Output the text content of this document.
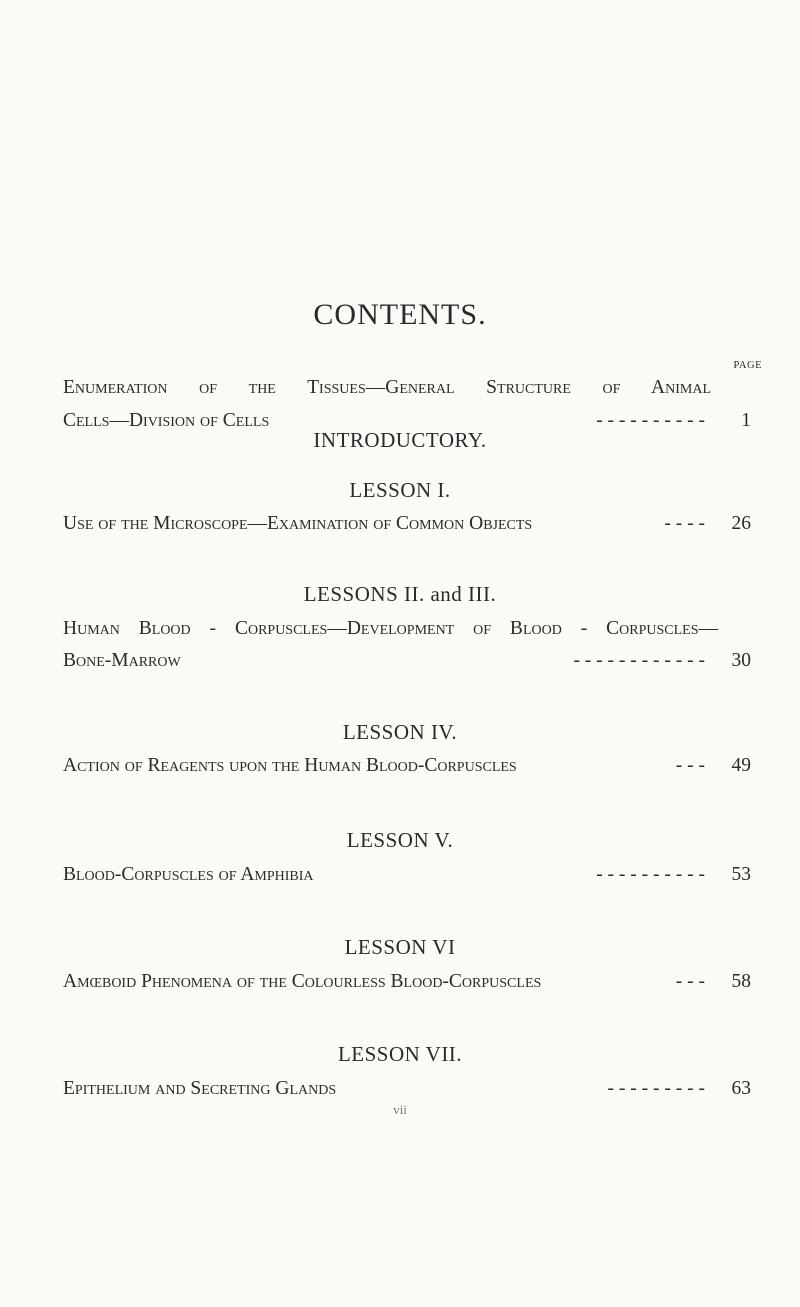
CONTENTS.
INTRODUCTORY.
PAGE
Enumeration of the Tissues—General Structure of Animal
Cells—Division of Cells	- - - - - - - - - -	1
LESSON I.
Use of the Microscope—Examination of Common Objects	- - - -	26
LESSONS II. and III.
Human Blood - Corpuscles—Development of Blood - Corpuscles—
Bone-Marrow	- - - - - - - - - - - -	30
LESSON IV.
Action of Reagents upon the Human Blood-Corpuscles	- - -	49
LESSON V.
Blood-Corpuscles of Amphibia	- - - - - - - - - -	53
LESSON VI
Amœboid Phenomena of the Colourless Blood-Corpuscles	- - -	58
LESSON VII.
Epithelium and Secreting Glands	- - - - - - - - -	63
vii
